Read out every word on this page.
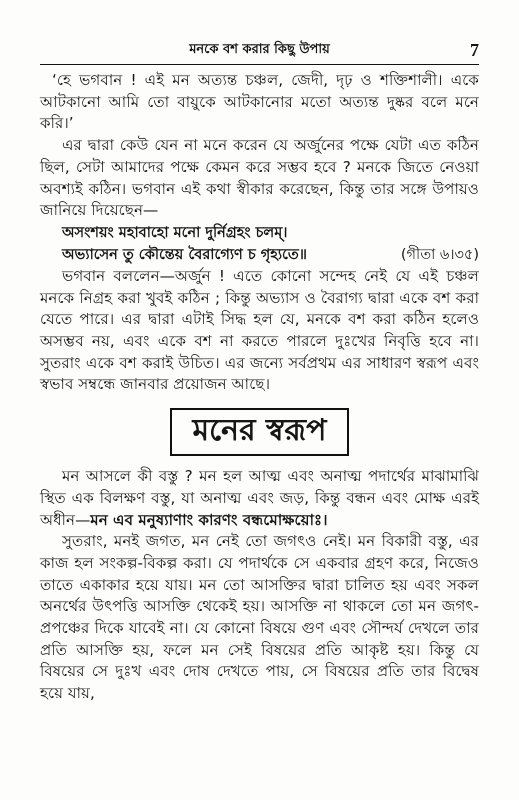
মনকে বশ করার কিছু উপায়	7

‘হে ভগবান ! এই মন অত্যন্ত চঞ্চল, জেদী, দৃঢ় ও শক্তিশালী। একে আটকানো আমি তো বায়ুকে আটকানোর মতো অত্যন্ত দুষ্কর বলে মনে করি।’

এর দ্বারা কেউ যেন না মনে করেন যে অর্জুনের পক্ষে যেটা এত কঠিন ছিল, সেটা আমাদের পক্ষে কেমন করে সম্ভব হবে ? মনকে জিতে নেওয়া অবশ্যই কঠিন। ভগবান এই কথা স্বীকার করেছেন, কিন্তু তার সঙ্গে উপায়ও জানিয়ে দিয়েছেন—

অসংশয়ং মহাবাহো মনো দুর্নিগ্রহং চলম্।
অভ্যাসেন তু কৌন্তেয় বৈরাগ্যেণ চ গৃহ্যতে॥	(গীতা ৬।৩৫)

ভগবান বললেন—অর্জুন ! এতে কোনো সন্দেহ নেই যে এই চঞ্চল মনকে নিগ্রহ করা খুবই কঠিন ; কিন্তু অভ্যাস ও বৈরাগ্য দ্বারা একে বশ করা যেতে পারে। এর দ্বারা এটাই সিদ্ধ হল যে, মনকে বশ করা কঠিন হলেও অসম্ভব নয়, এবং একে বশ না করতে পারলে দুঃখের নিবৃত্তি হবে না। সুতরাং একে বশ করাই উচিত। এর জন্যে সর্বপ্রথম এর সাধারণ স্বরূপ এবং স্বভাব সম্বন্ধে জানবার প্রয়োজন আছে।

মনের স্বরূপ

মন আসলে কী বস্তু ? মন হল আত্ম এবং অনাত্ম পদার্থের মাঝামাঝি স্থিত এক বিলক্ষণ বস্তু, যা অনাত্ম এবং জড়, কিন্তু বন্ধন এবং মোক্ষ এরই অধীন—মন এব মনুষ্যাণাং কারণং বন্ধমোক্ষয়োঃ।

সুতরাং, মনই জগত, মন নেই তো জগৎও নেই। মন বিকারী বস্তু, এর কাজ হল সংকল্প-বিকল্প করা। যে পদার্থকে সে একবার গ্রহণ করে, নিজেও তাতে একাকার হয়ে যায়। মন তো আসক্তির দ্বারা চালিত হয় এবং সকল অনর্থের উৎপত্তি আসক্তি থেকেই হয়। আসক্তি না থাকলে তো মন জগৎ-প্রপঞ্চের দিকে যাবেই না। যে কোনো বিষয়ে গুণ এবং সৌন্দর্য দেখলে তার প্রতি আসক্তি হয়, ফলে মন সেই বিষয়ের প্রতি আকৃষ্ট হয়। কিন্তু যে বিষয়ের সে দুঃখ এবং দোষ দেখতে পায়, সে বিষয়ের প্রতি তার বিদ্বেষ হয়ে যায়,
